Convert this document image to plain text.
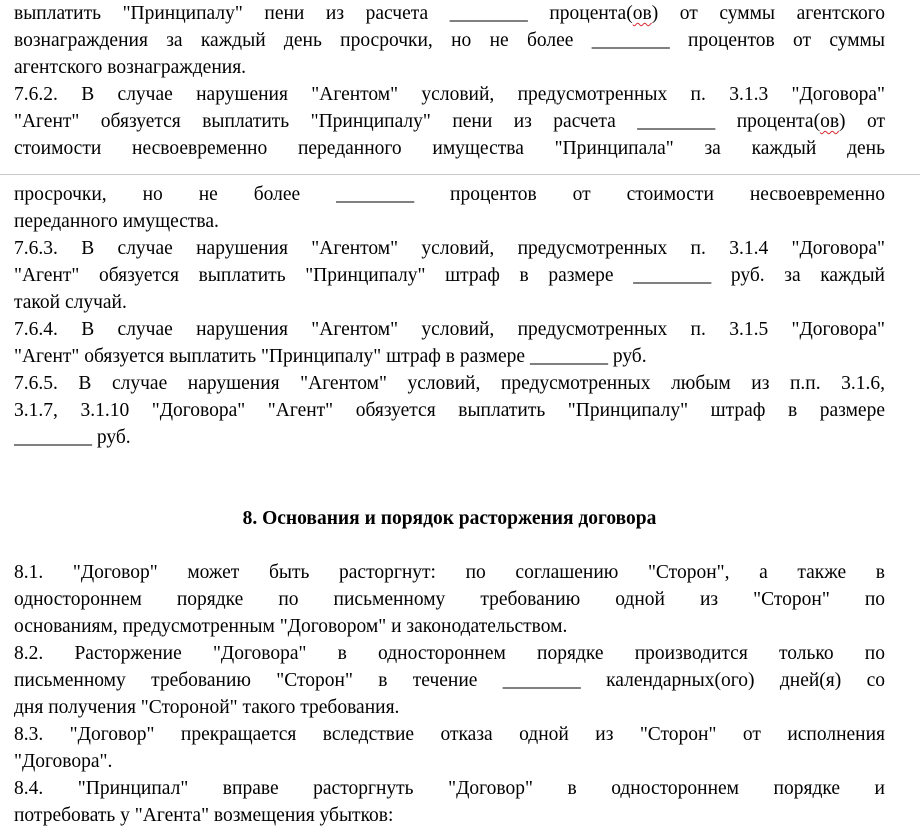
выплатить "Принципалу" пени из расчета ________ процента(ов) от суммы агентского
вознаграждения за каждый день просрочки, но не более ________ процентов от суммы
агентского вознаграждения.
7.6.2. В случае нарушения "Агентом" условий, предусмотренных п. 3.1.3 "Договора"
"Агент" обязуется выплатить "Принципалу" пени из расчета ________ процента(ов) от
стоимости несвоевременно переданного имущества "Принципала" за каждый день
просрочки, но не более ________ процентов от стоимости несвоевременно
переданного имущества.
7.6.3. В случае нарушения "Агентом" условий, предусмотренных п. 3.1.4 "Договора"
"Агент" обязуется выплатить "Принципалу" штраф в размере ________ руб. за каждый
такой случай.
7.6.4. В случае нарушения "Агентом" условий, предусмотренных п. 3.1.5 "Договора"
"Агент" обязуется выплатить "Принципалу" штраф в размере ________ руб.
7.6.5. В случае нарушения "Агентом" условий, предусмотренных любым из п.п. 3.1.6,
3.1.7, 3.1.10 "Договора" "Агент" обязуется выплатить "Принципалу" штраф в размере
________ руб.
8. Основания и порядок расторжения договора
8.1. "Договор" может быть расторгнут: по соглашению "Сторон", а также в
одностороннем порядке по письменному требованию одной из "Сторон" по
основаниям, предусмотренным "Договором" и законодательством.
8.2. Расторжение "Договора" в одностороннем порядке производится только по
письменному требованию "Сторон" в течение ________ календарных(ого) дней(я) со
дня получения "Стороной" такого требования.
8.3. "Договор" прекращается вследствие отказа одной из "Сторон" от исполнения
"Договора".
8.4. "Принципал" вправе расторгнуть "Договор" в одностороннем порядке и
потребовать у "Агента" возмещения убытков:
